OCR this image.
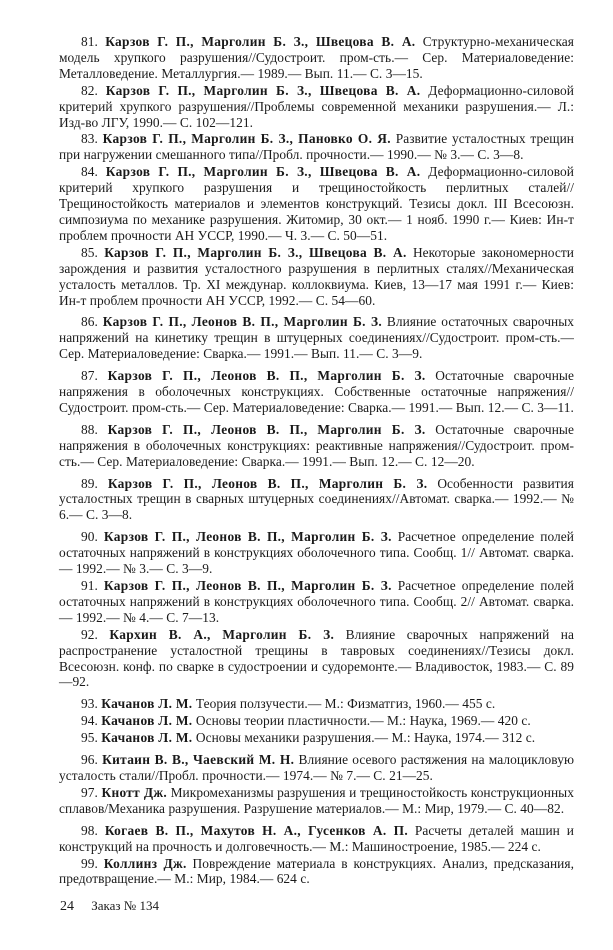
81. Карзов Г. П., Марголин Б. З., Швецова В. А. Структурно-механическая модель хрупкого разрушения//Судостроит. пром-сть.— Сер. Материаловедение: Металловедение. Металлургия.— 1989.— Вып. 11.— С. 3—15.

82. Карзов Г. П., Марголин Б. З., Швецова В. А. Деформационно-силовой критерий хрупкого разрушения//Проблемы современной механики разрушения.— Л.: Изд-во ЛГУ, 1990.— С. 102—121.

83. Карзов Г. П., Марголин Б. З., Пановко О. Я. Развитие усталостных трещин при нагружении смешанного типа//Пробл. прочности.— 1990.— № 3.— С. 3—8.

84. Карзов Г. П., Марголин Б. З., Швецова В. А. Деформационно-силовой критерий хрупкого разрушения и трещиностойкость перлитных сталей// Трещиностойкость материалов и элементов конструкций. Тезисы докл. III Всесоюзн. симпозиума по механике разрушения. Житомир, 30 окт.— 1 нояб. 1990 г.— Киев: Ин-т проблем прочности АН УССР, 1990.— Ч. 3.— С. 50—51.

85. Карзов Г. П., Марголин Б. З., Швецова В. А. Некоторые закономерности зарождения и развития усталостного разрушения в перлитных сталях//Механическая усталость металлов. Тр. XI междунар. коллоквиума. Киев, 13—17 мая 1991 г.— Киев: Ин-т проблем прочности АН УССР, 1992.— С. 54—60.

86. Карзов Г. П., Леонов В. П., Марголин Б. З. Влияние остаточных сварочных напряжений на кинетику трещин в штуцерных соединениях//Судостроит. пром-сть.— Сер. Материаловедение: Сварка.— 1991.— Вып. 11.— С. 3—9.

87. Карзов Г. П., Леонов В. П., Марголин Б. З. Остаточные сварочные напряжения в оболочечных конструкциях. Собственные остаточные напряжения//Судостроит. пром-сть.— Сер. Материаловедение: Сварка.— 1991.— Вып. 12.— С. 3—11.

88. Карзов Г. П., Леонов В. П., Марголин Б. З. Остаточные сварочные напряжения в оболочечных конструкциях: реактивные напряжения//Судостроит. пром-сть.— Сер. Материаловедение: Сварка.— 1991.— Вып. 12.— С. 12—20.

89. Карзов Г. П., Леонов В. П., Марголин Б. З. Особенности развития усталостных трещин в сварных штуцерных соединениях//Автомат. сварка.— 1992.— № 6.— С. 3—8.

90. Карзов Г. П., Леонов В. П., Марголин Б. З. Расчетное определение полей остаточных напряжений в конструкциях оболочечного типа. Сообщ. 1// Автомат. сварка.— 1992.— № 3.— С. 3—9.

91. Карзов Г. П., Леонов В. П., Марголин Б. З. Расчетное определение полей остаточных напряжений в конструкциях оболочечного типа. Сообщ. 2// Автомат. сварка.— 1992.— № 4.— С. 7—13.

92. Кархин В. А., Марголин Б. З. Влияние сварочных напряжений на распространение усталостной трещины в тавровых соединениях//Тезисы докл. Всесоюзн. конф. по сварке в судостроении и судоремонте.— Владивосток, 1983.— С. 89—92.

93. Качанов Л. М. Теория ползучести.— М.: Физматгиз, 1960.— 455 с.

94. Качанов Л. М. Основы теории пластичности.— М.: Наука, 1969.— 420 с.

95. Качанов Л. М. Основы механики разрушения.— М.: Наука, 1974.— 312 с.

96. Китаин В. В., Чаевский М. Н. Влияние осевого растяжения на малоцикловую усталость стали//Пробл. прочности.— 1974.— № 7.— С. 21—25.

97. Кнотт Дж. Микромеханизмы разрушения и трещиностойкость конструкционных сплавов/Механика разрушения. Разрушение материалов.— М.: Мир, 1979.— С. 40—82.

98. Когаев В. П., Махутов Н. А., Гусенков А. П. Расчеты деталей машин и конструкций на прочность и долговечность.— М.: Машиностроение, 1985.— 224 с.

99. Коллинз Дж. Повреждение материала в конструкциях. Анализ, предсказания, предотвращение.— М.: Мир, 1984.— 624 с.

24 Заказ № 134
